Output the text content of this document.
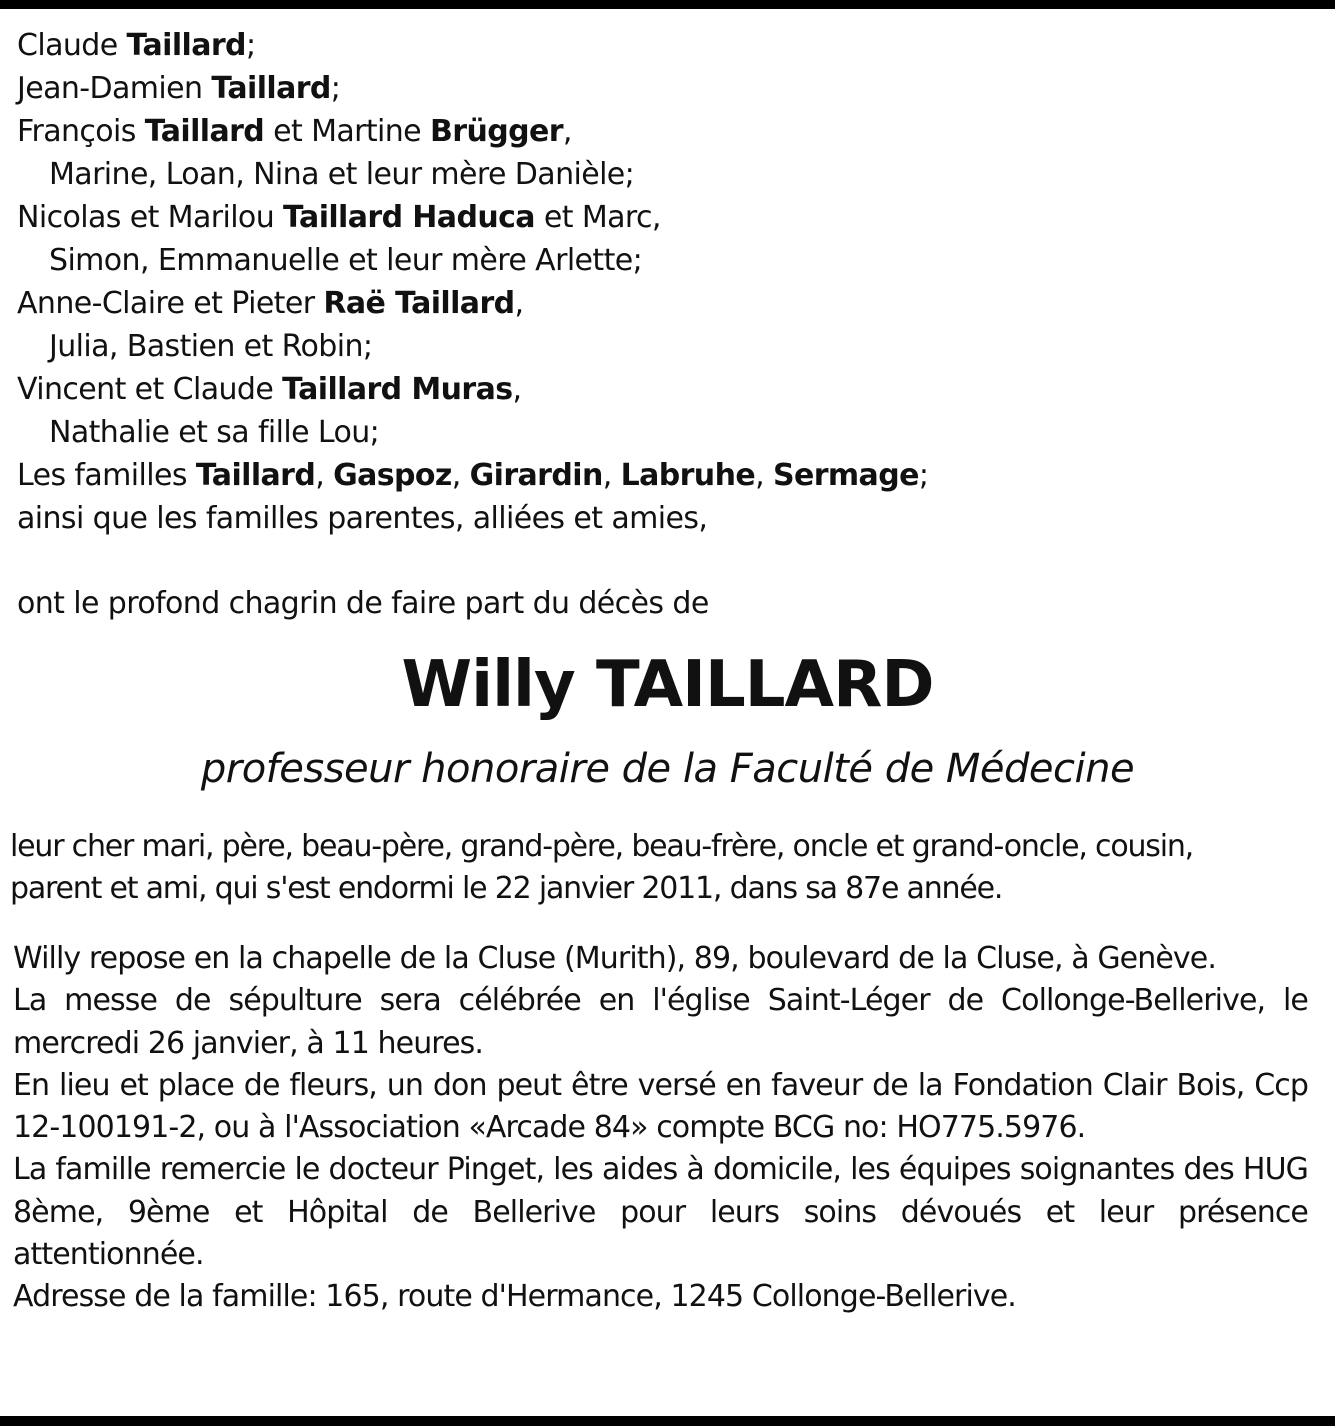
Claude Taillard;
Jean-Damien Taillard;
François Taillard et Martine Brügger,
Marine, Loan, Nina et leur mère Danièle;
Nicolas et Marilou Taillard Haduca et Marc,
Simon, Emmanuelle et leur mère Arlette;
Anne-Claire et Pieter Raë Taillard,
Julia, Bastien et Robin;
Vincent et Claude Taillard Muras,
Nathalie et sa fille Lou;
Les familles Taillard, Gaspoz, Girardin, Labruhe, Sermage;
ainsi que les familles parentes, alliées et amies,
ont le profond chagrin de faire part du décès de
Willy TAILLARD
professeur honoraire de la Faculté de Médecine
leur cher mari, père, beau-père, grand-père, beau-frère, oncle et grand-oncle, cousin,
parent et ami, qui s'est endormi le 22 janvier 2011, dans sa 87e année.

Willy repose en la chapelle de la Cluse (Murith), 89, boulevard de la Cluse, à Genève.

La messe de sépulture sera célébrée en l'église Saint-Léger de Collonge-Bellerive, le mercredi 26 janvier, à 11 heures.

En lieu et place de fleurs, un don peut être versé en faveur de la Fondation Clair Bois, Ccp 12-100191-2, ou à l'Association «Arcade 84» compte BCG no: HO775.5976.

La famille remercie le docteur Pinget, les aides à domicile, les équipes soignantes des HUG 8ème, 9ème et Hôpital de Bellerive pour leurs soins dévoués et leur présence attentionnée.

Adresse de la famille: 165, route d'Hermance, 1245 Collonge-Bellerive.
